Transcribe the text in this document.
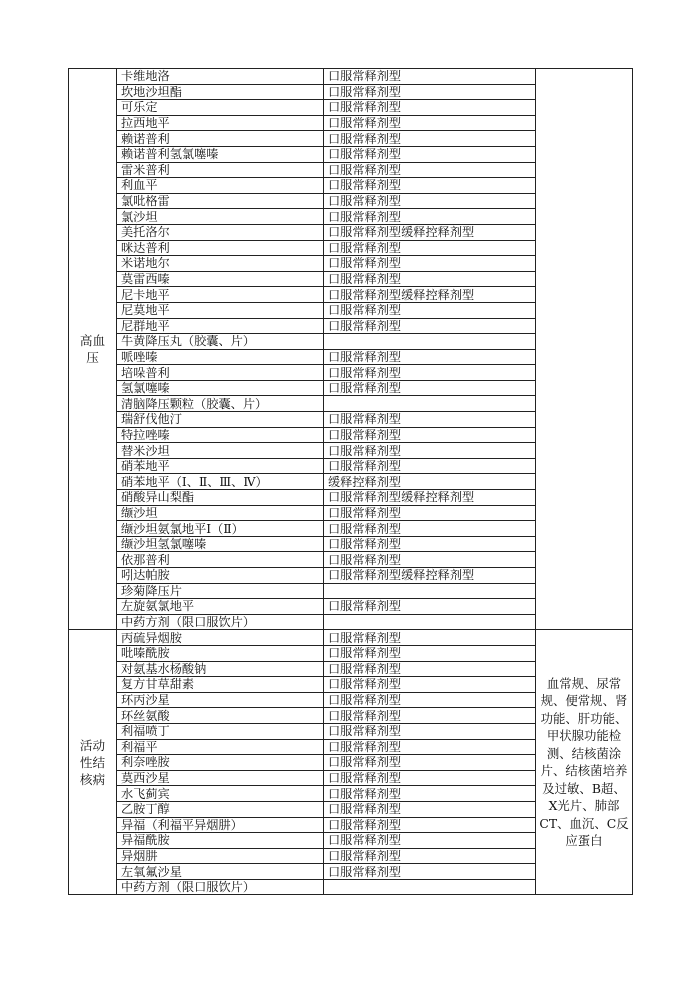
高血压	卡维地洛	口服常释剂型	
	坎地沙坦酯	口服常释剂型	
	可乐定	口服常释剂型	
	拉西地平	口服常释剂型	
	赖诺普利	口服常释剂型	
	赖诺普利氢氯噻嗪	口服常释剂型	
	雷米普利	口服常释剂型	
	利血平	口服常释剂型	
	氯吡格雷	口服常释剂型	
	氯沙坦	口服常释剂型	
	美托洛尔	口服常释剂型缓释控释剂型	
	咪达普利	口服常释剂型	
	米诺地尔	口服常释剂型	
	莫雷西嗪	口服常释剂型	
	尼卡地平	口服常释剂型缓释控释剂型	
	尼莫地平	口服常释剂型	
	尼群地平	口服常释剂型	
	牛黄降压丸（胶囊、片）		
	哌唑嗪	口服常释剂型	
	培哚普利	口服常释剂型	
	氢氯噻嗪	口服常释剂型	
	清脑降压颗粒（胶囊、片）		
	瑞舒伐他汀	口服常释剂型	
	特拉唑嗪	口服常释剂型	
	替米沙坦	口服常释剂型	
	硝苯地平	口服常释剂型	
	硝苯地平（Ⅰ、Ⅱ、Ⅲ、Ⅳ）	缓释控释剂型	
	硝酸异山梨酯	口服常释剂型缓释控释剂型	
	缬沙坦	口服常释剂型	
	缬沙坦氨氯地平Ⅰ（Ⅱ）	口服常释剂型	
	缬沙坦氢氯噻嗪	口服常释剂型	
	依那普利	口服常释剂型	
	吲达帕胺	口服常释剂型缓释控释剂型	
	珍菊降压片		
	左旋氨氯地平	口服常释剂型	
	中药方剂（限口服饮片）		
活动性结核病	丙硫异烟胺	口服常释剂型	血常规、尿常规、便常规、肾功能、肝功能、甲状腺功能检测、结核菌涂片、结核菌培养及过敏、B超、X光片、肺部CT、血沉、C反应蛋白
	吡嗪酰胺	口服常释剂型	
	对氨基水杨酸钠	口服常释剂型	
	复方甘草甜素	口服常释剂型	
	环丙沙星	口服常释剂型	
	环丝氨酸	口服常释剂型	
	利福喷丁	口服常释剂型	
	利福平	口服常释剂型	
	利奈唑胺	口服常释剂型	
	莫西沙星	口服常释剂型	
	水飞蓟宾	口服常释剂型	
	乙胺丁醇	口服常释剂型	
	异福（利福平异烟肼）	口服常释剂型	
	异福酰胺	口服常释剂型	
	异烟肼	口服常释剂型	
	左氧氟沙星	口服常释剂型	
	中药方剂（限口服饮片）		
